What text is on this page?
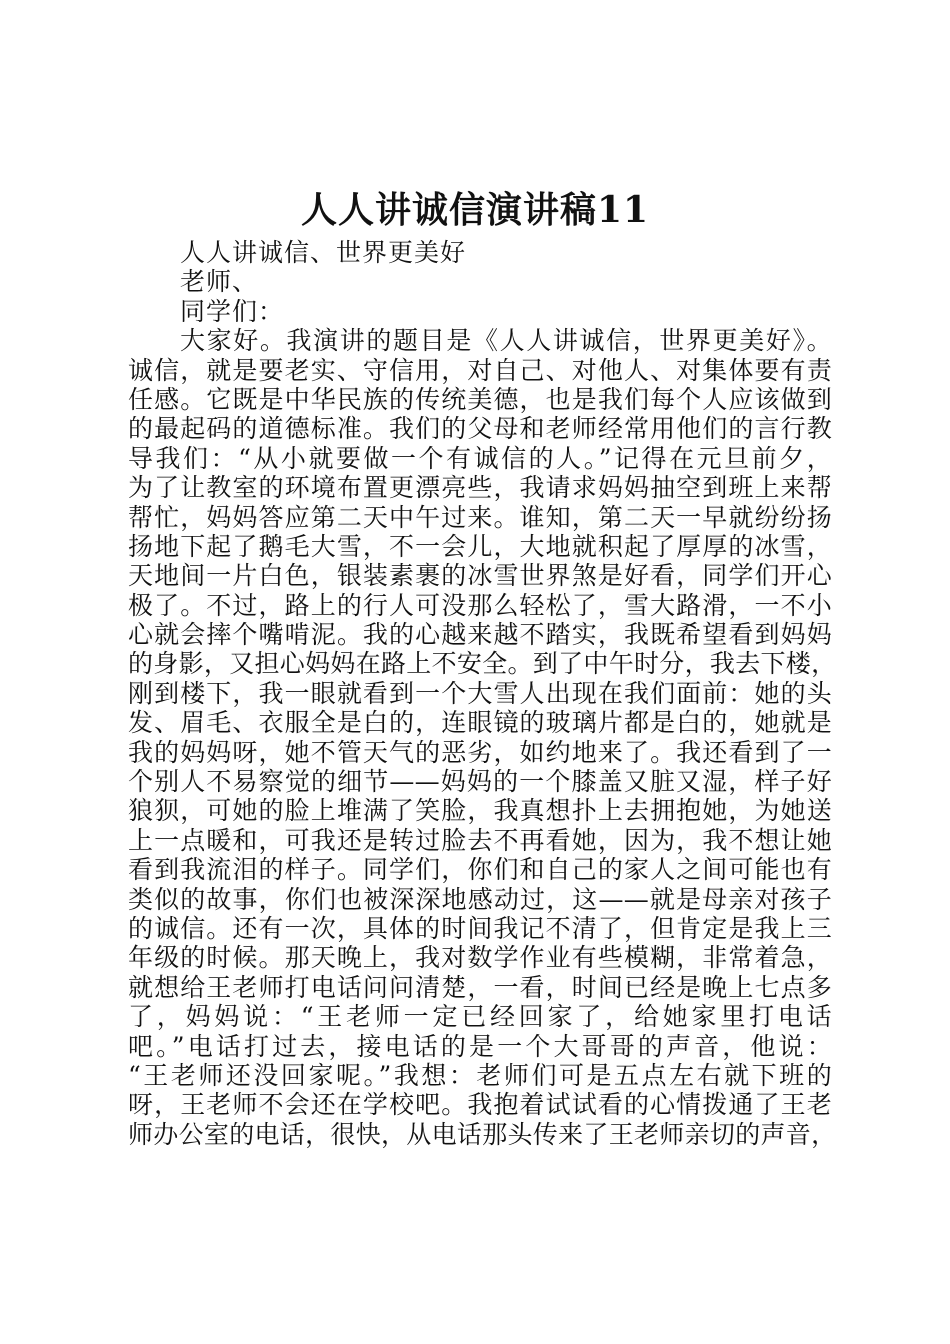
人人讲诚信演讲稿11
人人讲诚信、世界更美好
老师、
同学们：
大家好。我演讲的题目是《人人讲诚信，世界更美好》。
诚信，就是要老实、守信用，对自己、对他人、对集体要有责
任感。它既是中华民族的传统美德，也是我们每个人应该做到
的最起码的道德标准。我们的父母和老师经常用他们的言行教
导我们：“从小就要做一个有诚信的人。”记得在元旦前夕，
为了让教室的环境布置更漂亮些，我请求妈妈抽空到班上来帮
帮忙，妈妈答应第二天中午过来。谁知，第二天一早就纷纷扬
扬地下起了鹅毛大雪，不一会儿，大地就积起了厚厚的冰雪，
天地间一片白色，银装素裹的冰雪世界煞是好看，同学们开心
极了。不过，路上的行人可没那么轻松了，雪大路滑，一不小
心就会摔个嘴啃泥。我的心越来越不踏实，我既希望看到妈妈
的身影，又担心妈妈在路上不安全。到了中午时分，我去下楼，
刚到楼下，我一眼就看到一个大雪人出现在我们面前：她的头
发、眉毛、衣服全是白的，连眼镜的玻璃片都是白的，她就是
我的妈妈呀，她不管天气的恶劣，如约地来了。我还看到了一
个别人不易察觉的细节——妈妈的一个膝盖又脏又湿，样子好
狼狈，可她的脸上堆满了笑脸，我真想扑上去拥抱她，为她送
上一点暖和，可我还是转过脸去不再看她，因为，我不想让她
看到我流泪的样子。同学们，你们和自己的家人之间可能也有
类似的故事，你们也被深深地感动过，这——就是母亲对孩子
的诚信。还有一次，具体的时间我记不清了，但肯定是我上三
年级的时候。那天晚上，我对数学作业有些模糊，非常着急，
就想给王老师打电话问问清楚，一看，时间已经是晚上七点多
了，妈妈说：“王老师一定已经回家了，给她家里打电话
吧。”电话打过去，接电话的是一个大哥哥的声音，他说：
“王老师还没回家呢。”我想：老师们可是五点左右就下班的
呀，王老师不会还在学校吧。我抱着试试看的心情拨通了王老
师办公室的电话，很快，从电话那头传来了王老师亲切的声音，
